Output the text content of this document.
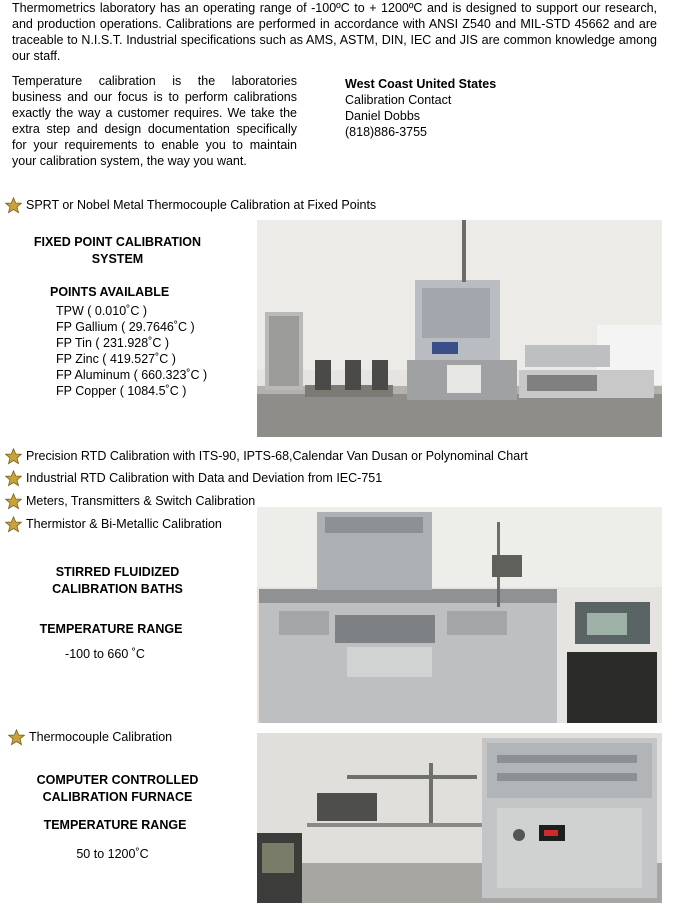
Thermometrics laboratory has an operating range of -100ºC to + 1200ºC and is designed to support our research, and production operations. Calibrations are performed in accordance with ANSI Z540 and MIL-STD 45662 and are traceable to N.I.S.T. Industrial specifications such as AMS, ASTM, DIN, IEC and JIS are common knowledge among our staff.
Temperature calibration is the laboratories business and our focus is to perform calibrations exactly the way a customer requires. We take the extra step and design documentation specifically for your requirements to enable you to maintain your calibration system, the way you want.
West Coast United States
Calibration Contact
Daniel Dobbs
(818)886-3755
SPRT or Nobel Metal Thermocouple Calibration at Fixed Points
FIXED POINT CALIBRATION
SYSTEM
POINTS AVAILABLE
TPW ( 0.010˚C )
FP Gallium ( 29.7646˚C )
FP Tin ( 231.928˚C )
FP Zinc ( 419.527˚C )
FP Aluminum ( 660.323˚C )
FP Copper ( 1084.5˚C )
Precision RTD Calibration with ITS-90, IPTS-68,Calendar Van Dusan or Polynominal Chart
Industrial RTD Calibration with Data and Deviation from IEC-751
Meters, Transmitters & Switch Calibration
Thermistor & Bi-Metallic Calibration
STIRRED FLUIDIZED
CALIBRATION BATHS
TEMPERATURE RANGE
-100 to 660 ˚C
Thermocouple Calibration
COMPUTER CONTROLLED
CALIBRATION FURNACE
TEMPERATURE RANGE
50 to 1200˚C
